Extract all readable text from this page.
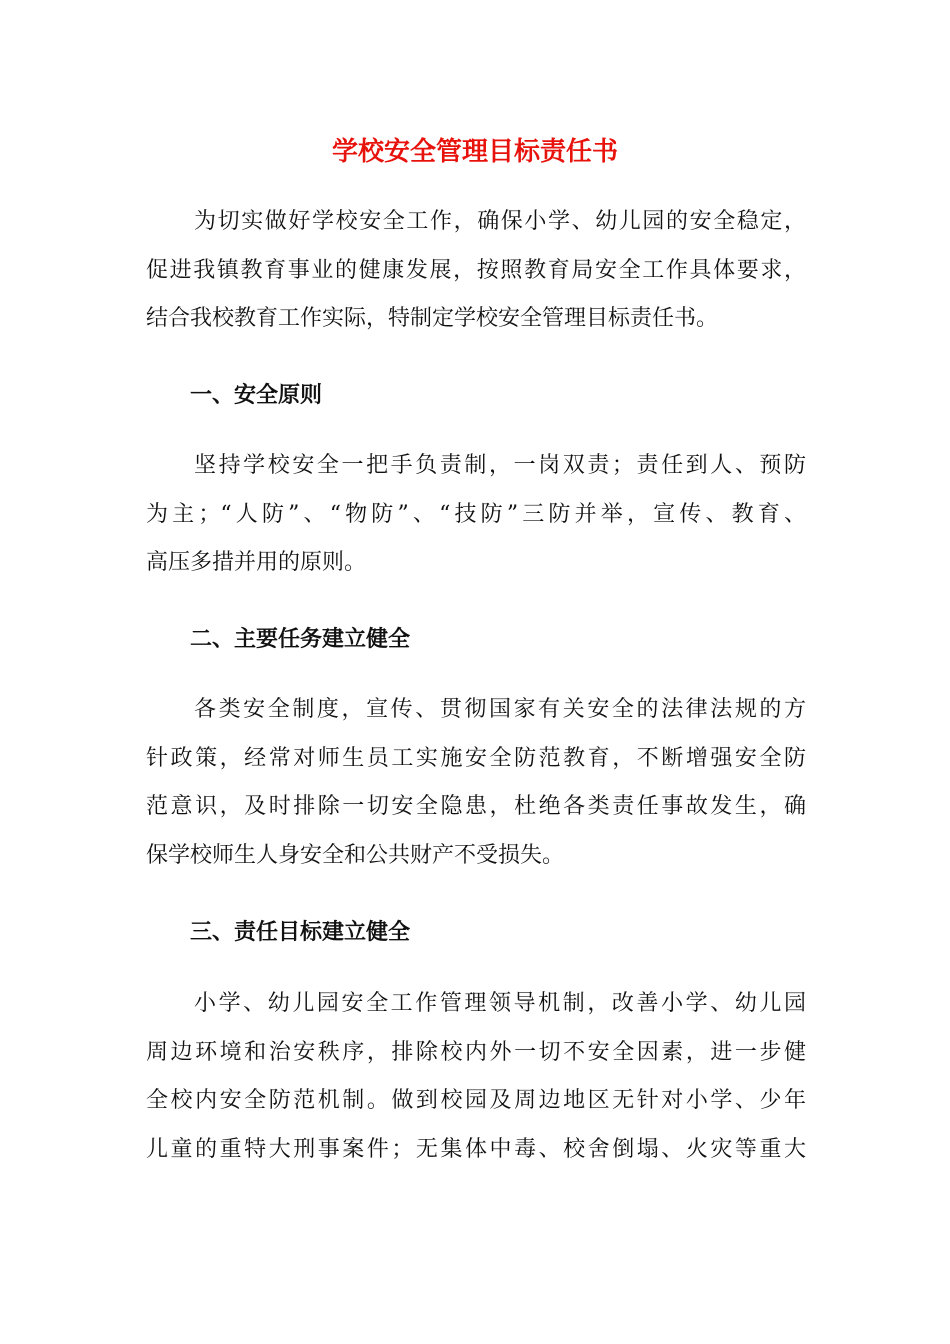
学校安全管理目标责任书
为切实做好学校安全工作，确保小学、幼儿园的安全稳定，
促进我镇教育事业的健康发展，按照教育局安全工作具体要求，
结合我校教育工作实际，特制定学校安全管理目标责任书。
一、安全原则
坚持学校安全一把手负责制，一岗双责；责任到人、预防
为主；“人防”、“物防”、“技防”三防并举，宣传、教育、
高压多措并用的原则。
二、主要任务建立健全
各类安全制度，宣传、贯彻国家有关安全的法律法规的方
针政策，经常对师生员工实施安全防范教育，不断增强安全防
范意识，及时排除一切安全隐患，杜绝各类责任事故发生，确
保学校师生人身安全和公共财产不受损失。
三、责任目标建立健全
小学、幼儿园安全工作管理领导机制，改善小学、幼儿园
周边环境和治安秩序，排除校内外一切不安全因素，进一步健
全校内安全防范机制。做到校园及周边地区无针对小学、少年
儿童的重特大刑事案件；无集体中毒、校舍倒塌、火灾等重大
